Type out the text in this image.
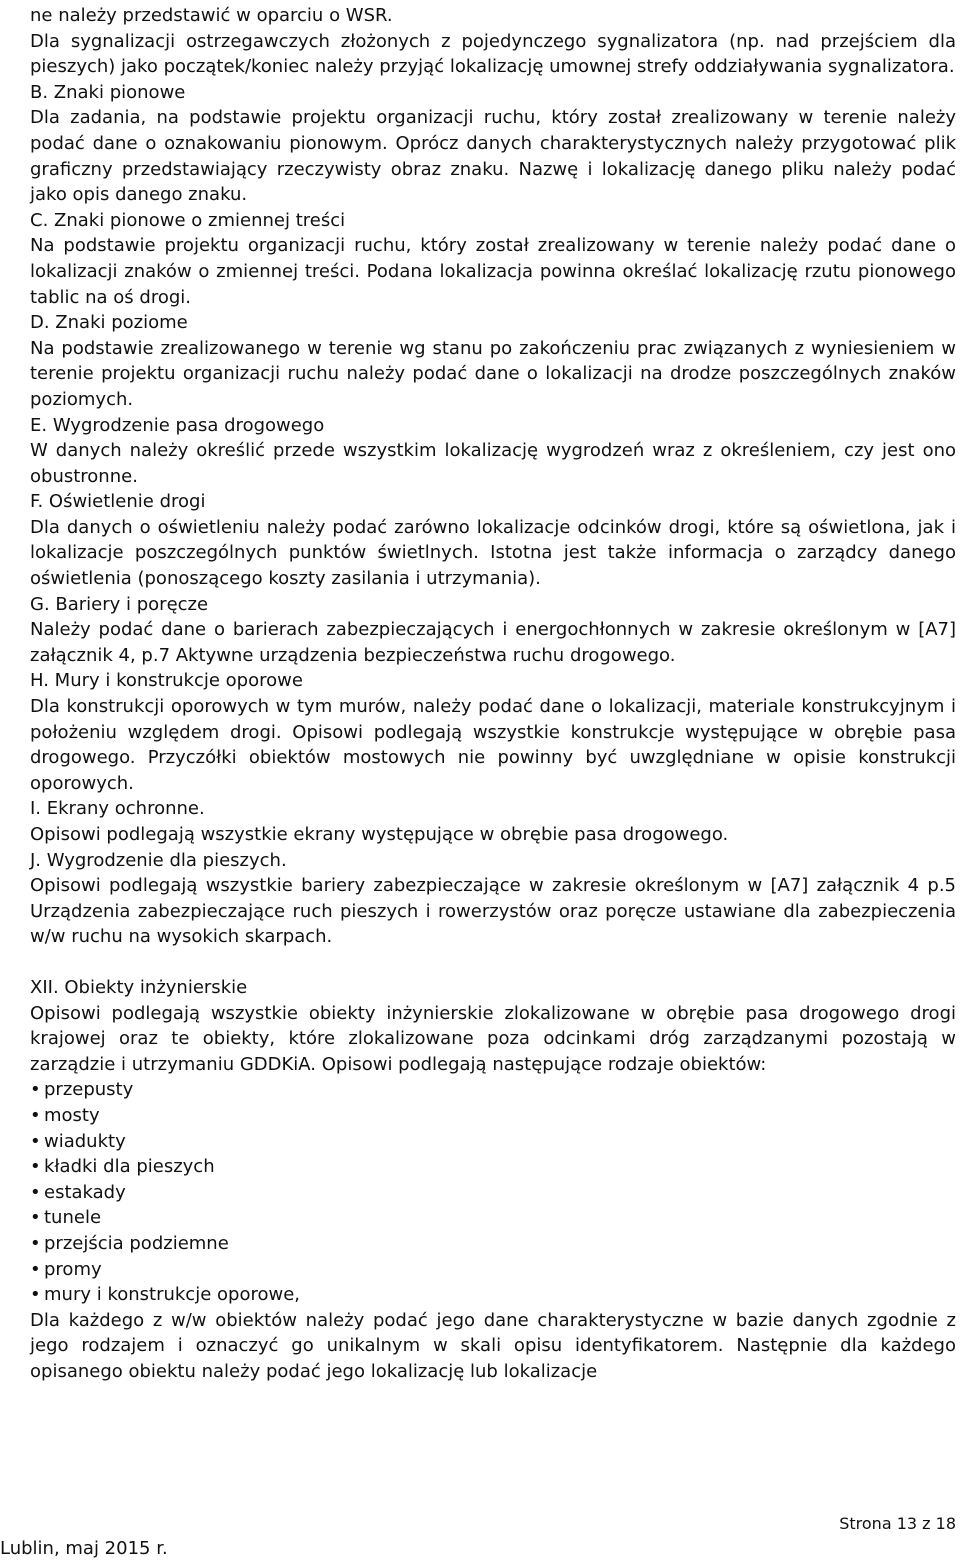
ne należy przedstawić w oparciu o WSR.

Dla sygnalizacji ostrzegawczych złożonych z pojedynczego sygnalizatora (np. nad przejściem dla pieszych) jako początek/koniec należy przyjąć lokalizację umownej strefy oddziaływania sygnalizatora.

B. Znaki pionowe

Dla zadania, na podstawie projektu organizacji ruchu, który został zrealizowany w terenie należy podać dane o oznakowaniu pionowym. Oprócz danych charakterystycznych należy przygotować plik graficzny przedstawiający rzeczywisty obraz znaku. Nazwę i lokalizację danego pliku należy podać jako opis danego znaku.

C. Znaki pionowe o zmiennej treści

Na podstawie projektu organizacji ruchu, który został zrealizowany w terenie należy podać dane o lokalizacji znaków o zmiennej treści. Podana lokalizacja powinna określać lokalizację rzutu pionowego tablic na oś drogi.

D. Znaki poziome

Na podstawie zrealizowanego w terenie wg stanu po zakończeniu prac związanych z wyniesieniem w terenie projektu organizacji ruchu należy podać dane o lokalizacji na drodze poszczególnych znaków poziomych.

E. Wygrodzenie pasa drogowego

W danych należy określić przede wszystkim lokalizację wygrodzeń wraz z określeniem, czy jest ono obustronne.

F. Oświetlenie drogi

Dla danych o oświetleniu należy podać zarówno lokalizacje odcinków drogi, które są oświetlona, jak i lokalizacje poszczególnych punktów świetlnych. Istotna jest także informacja o zarządcy danego oświetlenia (ponoszącego koszty zasilania i utrzymania).

G. Bariery i poręcze

Należy podać dane o barierach zabezpieczających i energochłonnych w zakresie określonym w [A7] załącznik 4, p.7 Aktywne urządzenia bezpieczeństwa ruchu drogowego.

H. Mury i konstrukcje oporowe

Dla konstrukcji oporowych w tym murów, należy podać dane o lokalizacji, materiale konstrukcyjnym i położeniu względem drogi. Opisowi podlegają wszystkie konstrukcje występujące w obrębie pasa drogowego. Przyczółki obiektów mostowych nie powinny być uwzględniane w opisie konstrukcji oporowych.

I. Ekrany ochronne.

Opisowi podlegają wszystkie ekrany występujące w obrębie pasa drogowego.

J. Wygrodzenie dla pieszych.

Opisowi podlegają wszystkie bariery zabezpieczające w zakresie określonym w [A7] załącznik 4 p.5 Urządzenia zabezpieczające ruch pieszych i rowerzystów oraz poręcze ustawiane dla zabezpieczenia w/w ruchu na wysokich skarpach.

XII. Obiekty inżynierskie

Opisowi podlegają wszystkie obiekty inżynierskie zlokalizowane w obrębie pasa drogowego drogi krajowej oraz te obiekty, które zlokalizowane poza odcinkami dróg zarządzanymi pozostają w zarządzie i utrzymaniu GDDKiA. Opisowi podlegają następujące rodzaje obiektów:

• przepusty
• mosty
• wiadukty
• kładki dla pieszych
• estakady
• tunele
• przejścia podziemne
• promy
• mury i konstrukcje oporowe,

Dla każdego z w/w obiektów należy podać jego dane charakterystyczne w bazie danych zgodnie z jego rodzajem i oznaczyć go unikalnym w skali opisu identyfikatorem. Następnie dla każdego opisanego obiektu należy podać jego lokalizację lub lokalizacje

Lublin, maj 2015 r.
Strona 13 z 18
